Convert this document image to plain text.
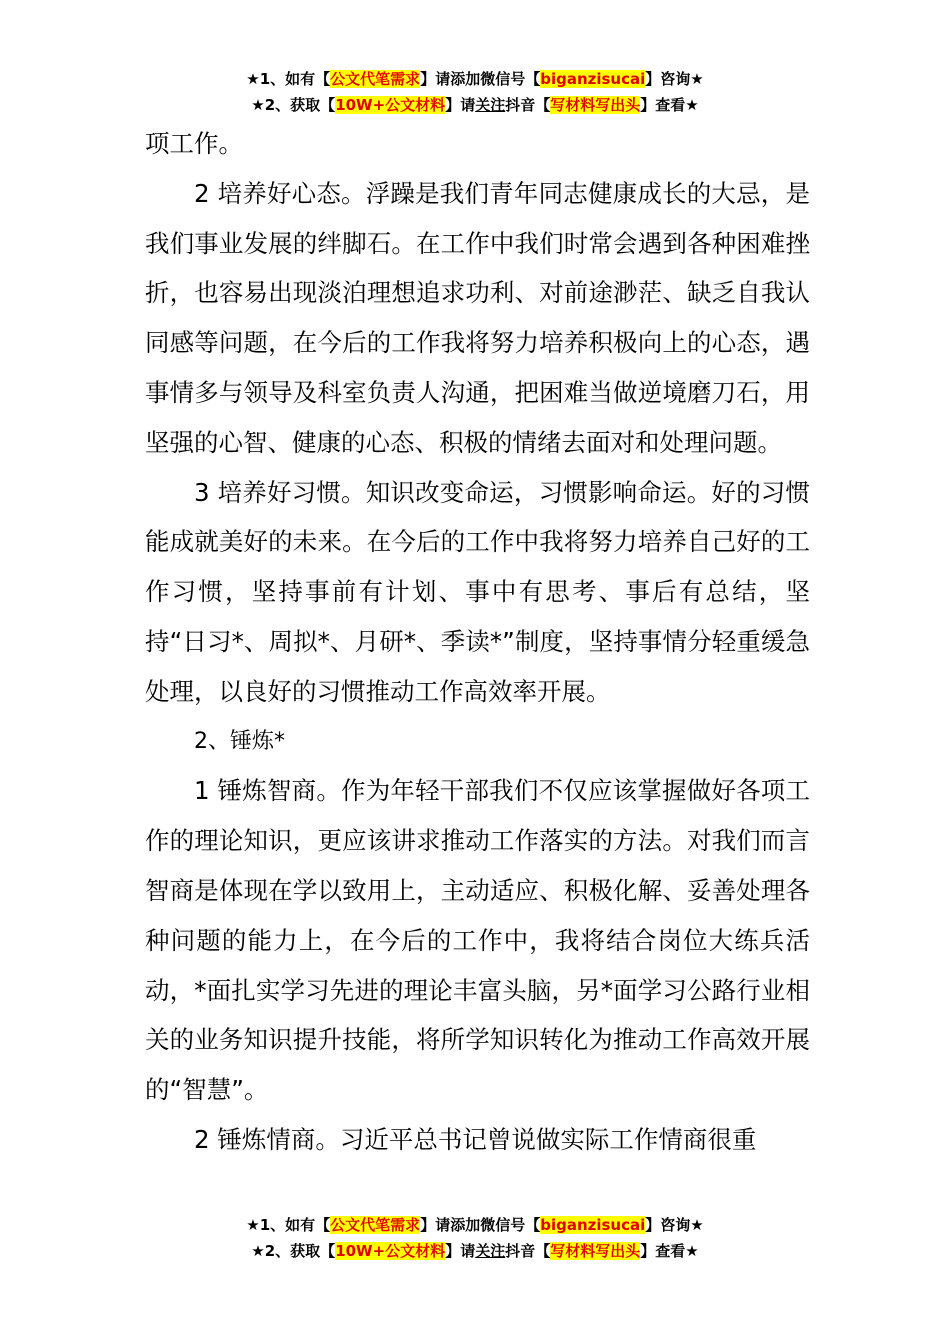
★1、如有【公文代笔需求】请添加微信号【biganzisucai】咨询★
★2、获取【10W+公文材料】请关注抖音【写材料写出头】查看★

项工作。

2 培养好心态。浮躁是我们青年同志健康成长的大忌，是我们事业发展的绊脚石。在工作中我们时常会遇到各种困难挫折，也容易出现淡泊理想追求功利、对前途渺茫、缺乏自我认同感等问题，在今后的工作我将努力培养积极向上的心态，遇事情多与领导及科室负责人沟通，把困难当做逆境磨刀石，用坚强的心智、健康的心态、积极的情绪去面对和处理问题。

3 培养好习惯。知识改变命运，习惯影响命运。好的习惯能成就美好的未来。在今后的工作中我将努力培养自己好的工作习惯，坚持事前有计划、事中有思考、事后有总结，坚持“日习*、周拟*、月研*、季读*”制度，坚持事情分轻重缓急处理，以良好的习惯推动工作高效率开展。

2、锤炼*

1 锤炼智商。作为年轻干部我们不仅应该掌握做好各项工作的理论知识，更应该讲求推动工作落实的方法。对我们而言智商是体现在学以致用上，主动适应、积极化解、妥善处理各种问题的能力上，在今后的工作中，我将结合岗位大练兵活动，*面扎实学习先进的理论丰富头脑，另*面学习公路行业相关的业务知识提升技能，将所学知识转化为推动工作高效开展的“智慧”。

2 锤炼情商。习近平总书记曾说做实际工作情商很重

★1、如有【公文代笔需求】请添加微信号【biganzisucai】咨询★
★2、获取【10W+公文材料】请关注抖音【写材料写出头】查看★
